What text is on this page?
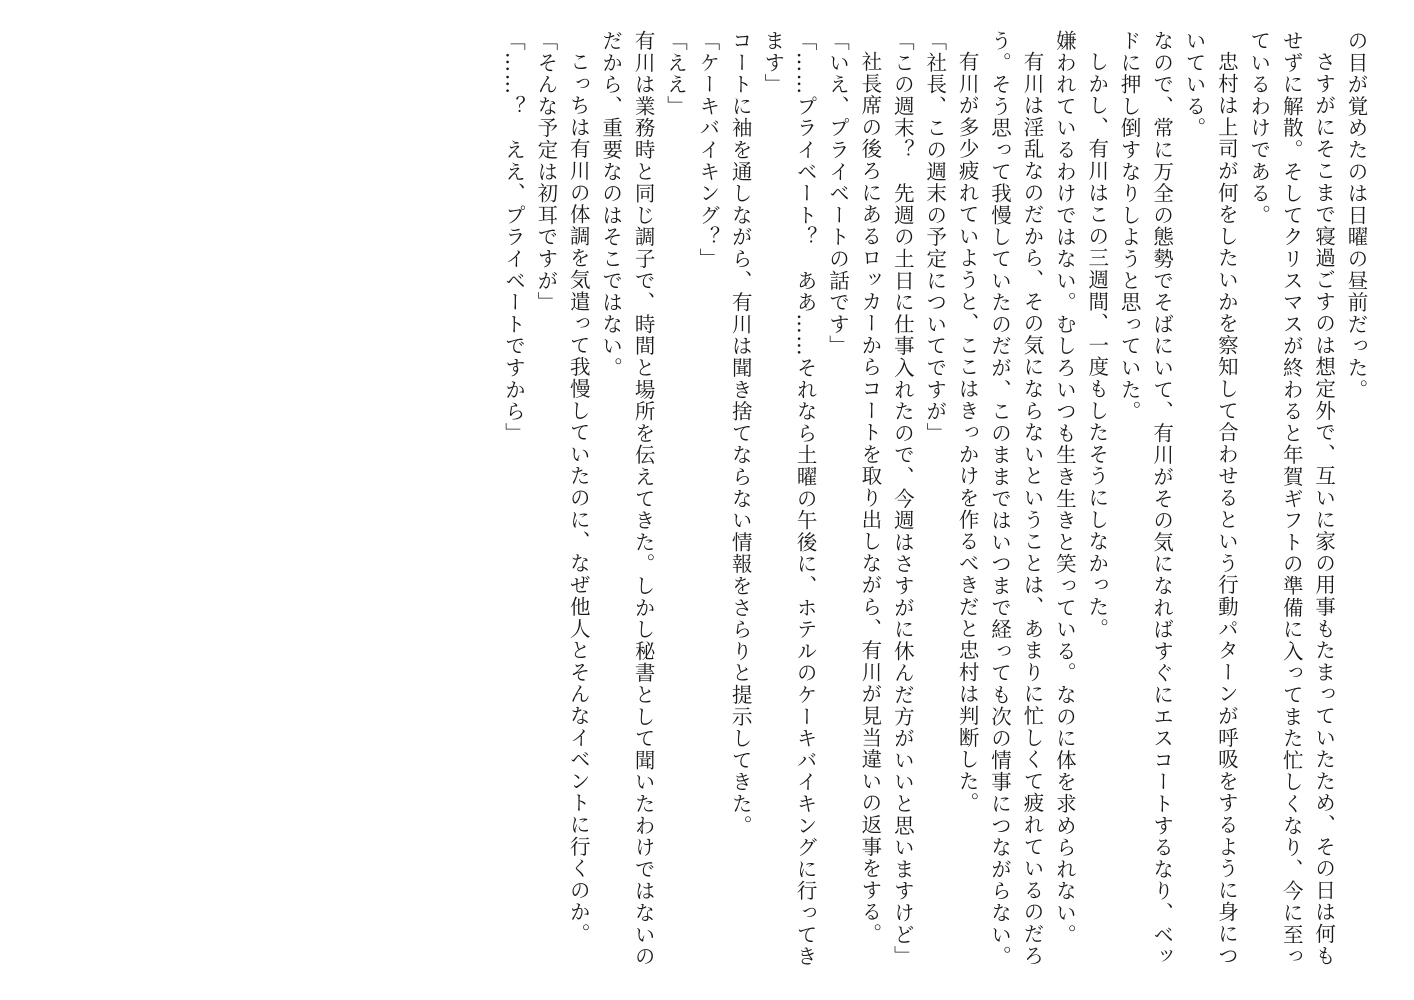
の目が覚めたのは日曜の昼前だった。

さすがにそこまで寝過ごすのは想定外で、互いに家の用事もたまっていたため、その日は何もせずに解散。そしてクリスマスが終わると年賀ギフトの準備に入ってまた忙しくなり、今に至っているわけである。

忠村は上司が何をしたいかを察知して合わせるという行動パターンが呼吸をするように身についている。

なので、常に万全の態勢でそばにいて、有川がその気になればすぐにエスコートするなり、ベッドに押し倒すなりしようと思っていた。

しかし、有川はこの三週間、一度もしたそうにしなかった。

嫌われているわけではない。むしろいつも生き生きと笑っている。なのに体を求められない。

有川は淫乱なのだから、その気にならないということは、あまりに忙しくて疲れているのだろう。そう思って我慢していたのだが、このままではいつまで経っても次の情事につながらない。

有川が多少疲れていようと、ここはきっかけを作るべきだと忠村は判断した。

「社長、この週末の予定についてですが」

「この週末？　先週の土日に仕事入れたので、今週はさすがに休んだ方がいいと思いますけど」

社長席の後ろにあるロッカーからコートを取り出しながら、有川が見当違いの返事をする。

「いえ、プライベートの話です」

「……プライベート？　ああ……それなら土曜の午後に、ホテルのケーキバイキングに行ってきます」

コートに袖を通しながら、有川は聞き捨てならない情報をさらりと提示してきた。

「ケーキバイキング？」

「ええ」

有川は業務時と同じ調子で、時間と場所を伝えてきた。しかし秘書として聞いたわけではないのだから、重要なのはそこではない。

こっちは有川の体調を気遣って我慢していたのに、なぜ他人とそんなイベントに行くのか。

「そんな予定は初耳ですが」

「……？　ええ、プライベートですから」
